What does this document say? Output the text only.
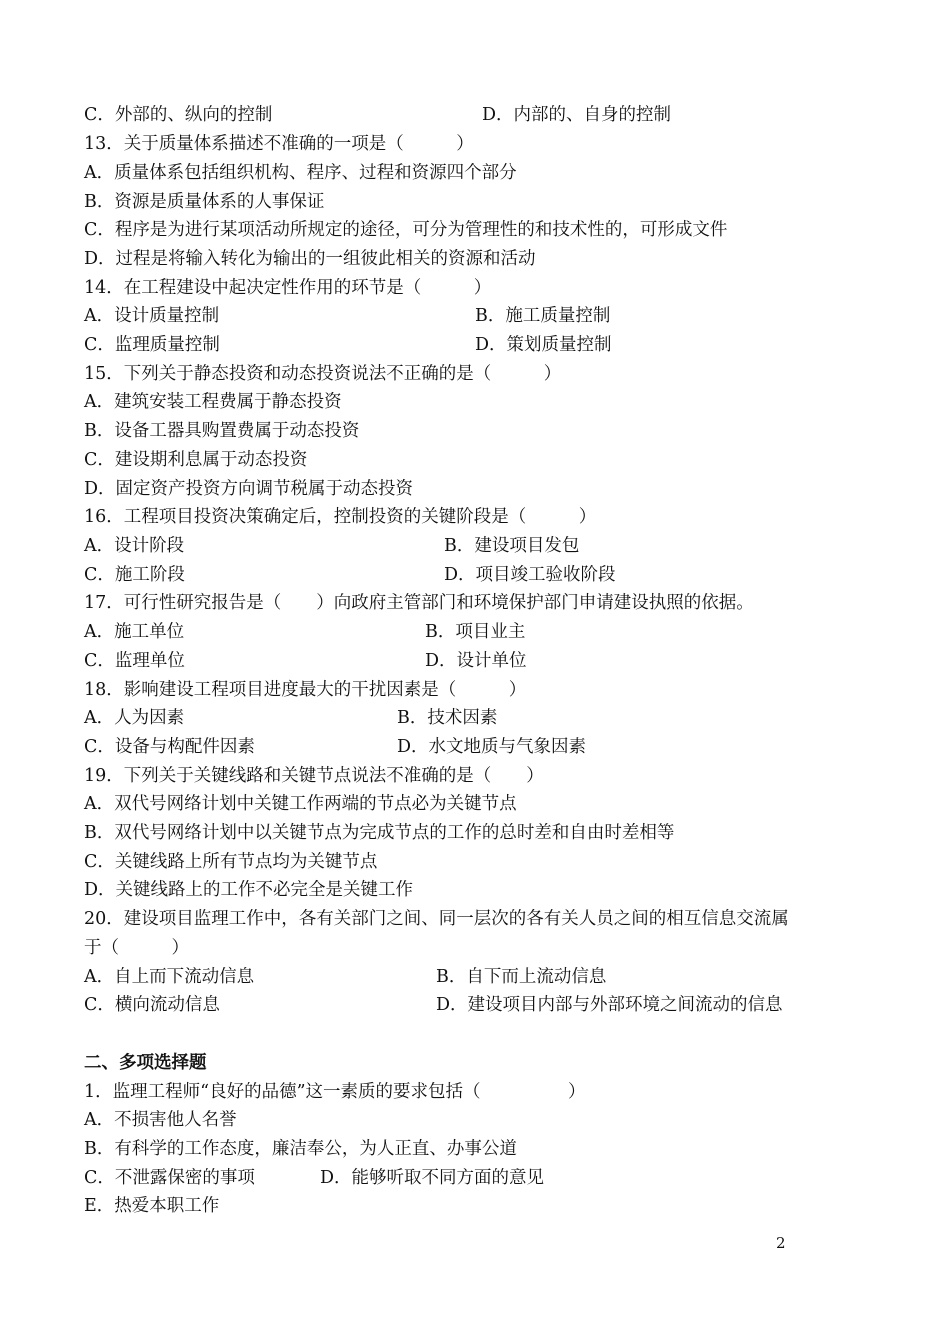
C．外部的、纵向的控制	D．内部的、自身的控制
13．关于质量体系描述不准确的一项是（　　　）
A．质量体系包括组织机构、程序、过程和资源四个部分
B．资源是质量体系的人事保证
C．程序是为进行某项活动所规定的途径，可分为管理性的和技术性的，可形成文件
D．过程是将输入转化为输出的一组彼此相关的资源和活动
14．在工程建设中起决定性作用的环节是（　　　）
A．设计质量控制	B．施工质量控制
C．监理质量控制	D．策划质量控制
15．下列关于静态投资和动态投资说法不正确的是（　　　）
A．建筑安装工程费属于静态投资
B．设备工器具购置费属于动态投资
C．建设期利息属于动态投资
D．固定资产投资方向调节税属于动态投资
16．工程项目投资决策确定后，控制投资的关键阶段是（　　　）
A．设计阶段	B．建设项目发包
C．施工阶段	D．项目竣工验收阶段
17．可行性研究报告是（　　）向政府主管部门和环境保护部门申请建设执照的依据。
A．施工单位	B．项目业主
C．监理单位	D．设计单位
18．影响建设工程项目进度最大的干扰因素是（　　　）
A．人为因素	B．技术因素
C．设备与构配件因素	D．水文地质与气象因素
19．下列关于关键线路和关键节点说法不准确的是（　　）
A．双代号网络计划中关键工作两端的节点必为关键节点
B．双代号网络计划中以关键节点为完成节点的工作的总时差和自由时差相等
C．关键线路上所有节点均为关键节点
D．关键线路上的工作不必完全是关键工作
20．建设项目监理工作中，各有关部门之间、同一层次的各有关人员之间的相互信息交流属
于（　　　）
A．自上而下流动信息	B．自下而上流动信息
C．横向流动信息	D．建设项目内部与外部环境之间流动的信息
二、多项选择题
1．监理工程师“良好的品德”这一素质的要求包括（　　　　　）
A．不损害他人名誉
B．有科学的工作态度，廉洁奉公，为人正直、办事公道
C．不泄露保密的事项	D．能够听取不同方面的意见
E．热爱本职工作
2
